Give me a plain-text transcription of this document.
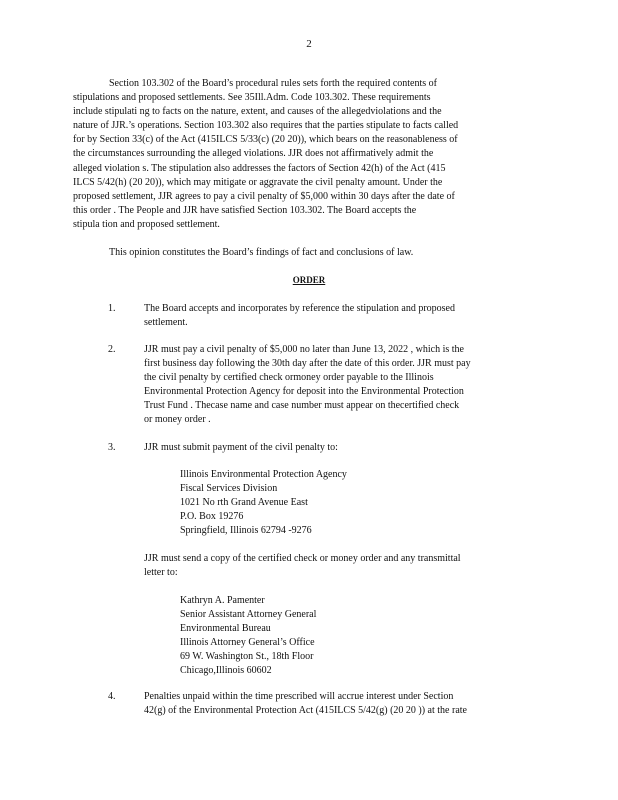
2
Section 103.302 of the Board’s procedural rules sets forth the required contents of
stipulations and proposed settlements. See 35Ill.Adm. Code 103.302. These requirements
include stipulati ng to facts on the nature, extent, and causes of the allegedviolations and the
nature of JJR.’s operations. Section 103.302 also requires that the parties stipulate to facts called
for by Section 33(c) of the Act (415ILCS 5/33(c) (20 20)), which bears on the reasonableness of
the circumstances surrounding the alleged violations. JJR does not affirmatively admit the
alleged violation s. The stipulation also addresses the factors of Section 42(h) of the Act (415
ILCS 5/42(h) (20 20)), which may mitigate or aggravate the civil penalty amount. Under the
proposed settlement, JJR agrees to pay a civil penalty of $5,000 within 30 days after the date of
this order . The People and JJR have satisfied Section 103.302. The Board accepts the
stipula tion and proposed settlement.
This opinion constitutes the Board’s findings of fact and conclusions of law.
ORDER
1.	The Board accepts and incorporates by reference the stipulation and proposed
settlement.
2.	JJR must pay a civil penalty of $5,000 no later than June 13, 2022 , which is the
first business day following the 30th day after the date of this order. JJR must pay
the civil penalty by certified check ormoney order payable to the Illinois
Environmental Protection Agency for deposit into the Environmental Protection
Trust Fund . Thecase name and case number must appear on thecertified check
or money order .
3.	JJR must submit payment of the civil penalty to:
Illinois Environmental Protection Agency
Fiscal Services Division
1021 No rth Grand Avenue East
P.O. Box 19276
Springfield, Illinois 62794 -9276
JJR must send a copy of the certified check or money order and any transmittal
letter to:
Kathryn A. Pamenter
Senior Assistant Attorney General
Environmental Bureau
Illinois Attorney General’s Office
69 W. Washington St., 18th Floor
Chicago,Illinois 60602
4.	Penalties unpaid within the time prescribed will accrue interest under Section
42(g) of the Environmental Protection Act (415ILCS 5/42(g) (20 20 )) at the rate
